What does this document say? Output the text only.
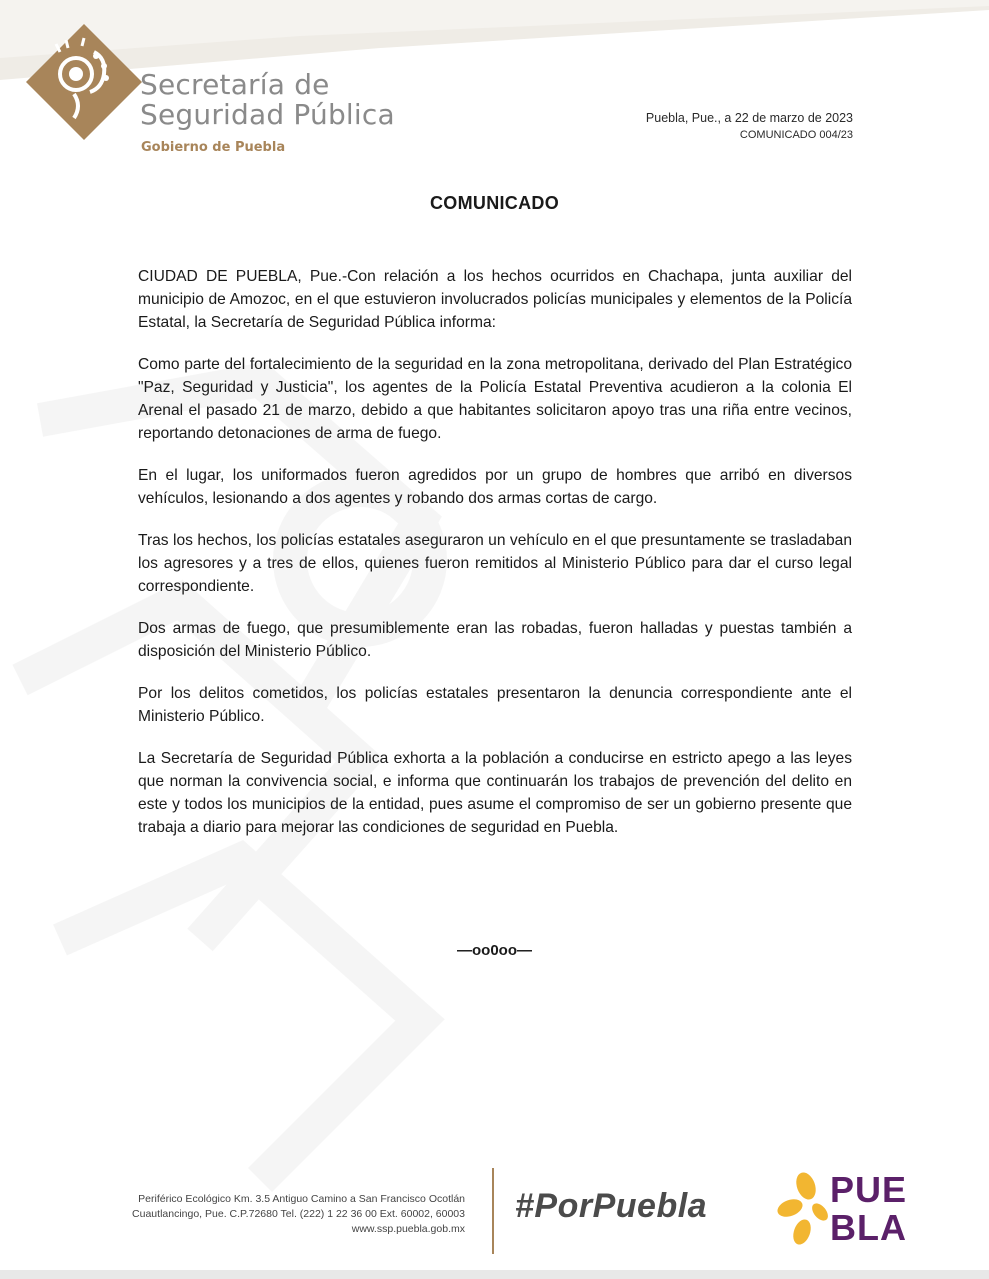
Secretaría de
Seguridad Pública
Gobierno de Puebla
Puebla, Pue., a 22 de marzo de 2023
COMUNICADO 004/23
COMUNICADO

CIUDAD DE PUEBLA, Pue.-Con relación a los hechos ocurridos en Chachapa, junta auxiliar del municipio de Amozoc, en el que estuvieron involucrados policías municipales y elementos de la Policía Estatal, la Secretaría de Seguridad Pública informa:

Como parte del fortalecimiento de la seguridad en la zona metropolitana, derivado del Plan Estratégico "Paz, Seguridad y Justicia", los agentes de la Policía Estatal Preventiva acudieron a la colonia El Arenal el pasado 21 de marzo, debido a que habitantes solicitaron apoyo tras una riña entre vecinos, reportando detonaciones de arma de fuego.

En el lugar, los uniformados fueron agredidos por un grupo de hombres que arribó en diversos vehículos, lesionando a dos agentes y robando dos armas cortas de cargo.

Tras los hechos, los policías estatales aseguraron un vehículo en el que presuntamente se trasladaban los agresores y a tres de ellos, quienes fueron remitidos al Ministerio Público para dar el curso legal correspondiente.

Dos armas de fuego, que presumiblemente eran las robadas, fueron halladas y puestas también a disposición del Ministerio Público.

Por los delitos cometidos, los policías estatales presentaron la denuncia correspondiente ante el Ministerio Público.

La Secretaría de Seguridad Pública exhorta a la población a conducirse en estricto apego a las leyes que norman la convivencia social, e informa que continuarán los trabajos de prevención del delito en este y todos los municipios de la entidad, pues asume el compromiso de ser un gobierno presente que trabaja a diario para mejorar las condiciones de seguridad en Puebla.

—oo0oo—
Periférico Ecológico Km. 3.5 Antiguo Camino a San Francisco Ocotlán
Cuautlancingo, Pue. C.P.72680 Tel. (222) 1 22 36 00 Ext. 60002, 60003
www.ssp.puebla.gob.mx
#PorPuebla	PUE
BLA
